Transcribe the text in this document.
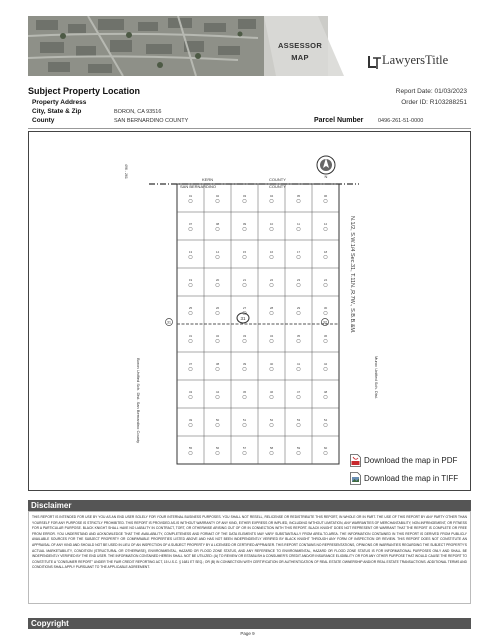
ASSESSOR
MAP	LawyersTitle
Subject Property Location	Report Date: 01/03/2023
Order ID: R103288251
Property Address
City, State & Zip	BORON, CA 93516
County	SAN BERNARDINO COUNTY	Parcel Number	0496-261-51-0000
01	02	03	04	05	06
07	08	09	10	11	12
13	14	15	16	17	18
19	20	21	22	23	24
25	26	27	28	29	30
31	32	33	34	35	36
37	38	39	40	41	42
43	44	45	46	47	48
49	50	51	52	53	54
55	56	57	58	59	60
31
31	32
496 - 261
KERN
SAN BERNARDINO
COUNTY
COUNTY
N.1/2, S.W.1/4 Sec.31, T.11N.,R.7W., S.B.B.&M.
Boron Unified Sch. Dist. San Bernardino County	Muroc Unified Sch. Dist.
N
Download the map in PDF
Download the map in TIFF
Disclaimer
THIS REPORT IS INTENDED FOR USE BY YOU AS AN END USER SOLELY FOR YOUR INTERNAL BUSINESS PURPOSES. YOU SHALL NOT RESELL, RELICENSE OR REDISTRIBUTE THIS REPORT, IN WHOLE OR IN PART. THE USE OF THIS REPORT BY ANY PARTY OTHER THAN YOURSELF FOR ANY PURPOSE IS STRICTLY PROHIBITED. THIS REPORT IS PROVIDED AS-IS WITHOUT WARRANTY OF ANY KIND, EITHER EXPRESS OR IMPLIED, INCLUDING WITHOUT LIMITATION, ANY WARRANTIES OF MERCHANTABILITY, NON-INFRINGEMENT, OR FITNESS FOR A PARTICULAR PURPOSE. BLACK KNIGHT SHALL HAVE NO LIABILITY IN CONTRACT, TORT, OR OTHERWISE ARISING OUT OF OR IN CONNECTION WITH THIS REPORT. BLACK KNIGHT DOES NOT REPRESENT OR WARRANT THAT THE REPORT IS COMPLETE OR FREE FROM ERROR. YOU UNDERSTAND AND ACKNOWLEDGE THAT THE AVAILABILITY, COMPLETENESS AND FORMAT OF THE DATA ELEMENTS MAY VARY SUBSTANTIALLY FROM AREA-TO-AREA. THE INFORMATION CONTAINED IN THIS REPORT IS DERIVED FROM PUBLICLY AVAILABLE SOURCES FOR THE SUBJECT PROPERTY OR COMPARABLE PROPERTIES LISTED ABOVE AND HAS NOT BEEN INDEPENDENTLY VERIFIED BY BLACK KNIGHT THROUGH ANY FORM OF INSPECTION OR REVIEW. THIS REPORT DOES NOT CONSTITUTE AN APPRAISAL OF ANY KIND AND SHOULD NOT BE USED IN LIEU OF AN INSPECTION OF A SUBJECT PROPERTY BY A LICENSED OR CERTIFIED APPRAISER. THIS REPORT CONTAINS NO REPRESENTATIONS, OPINIONS OR WARRANTIES REGARDING THE SUBJECT PROPERTY'S ACTUAL MARKETABILITY, CONDITION (STRUCTURAL OR OTHERWISE), ENVIRONMENTAL, HAZARD OR FLOOD ZONE STATUS, AND ANY REFERENCE TO ENVIRONMENTAL, HAZARD OR FLOOD ZONE STATUS IS FOR INFORMATIONAL PURPOSES ONLY AND SHALL BE INDEPENDENTLY VERIFIED BY THE END USER. THE INFORMATION CONTAINED HEREIN SHALL NOT BE UTILIZED: (A) TO REVIEW OR ESTABLISH A CONSUMER'S CREDIT AND/OR INSURANCE ELIGIBILITY OR FOR ANY OTHER PURPOSE THAT WOULD CAUSE THE REPORT TO CONSTITUTE A "CONSUMER REPORT" UNDER THE FAIR CREDIT REPORTING ACT, 15 U.S.C. § 1681 ET SEQ.; OR (B) IN CONNECTION WITH CERTIFICATION OR AUTHENTICATION OF REAL ESTATE OWNERSHIP AND/OR REAL ESTATE TRANSACTIONS. ADDITIONAL TERMS AND CONDITIONS SHALL APPLY PURSUANT TO THE APPLICABLE AGREEMENT.
Copyright
Page 9
